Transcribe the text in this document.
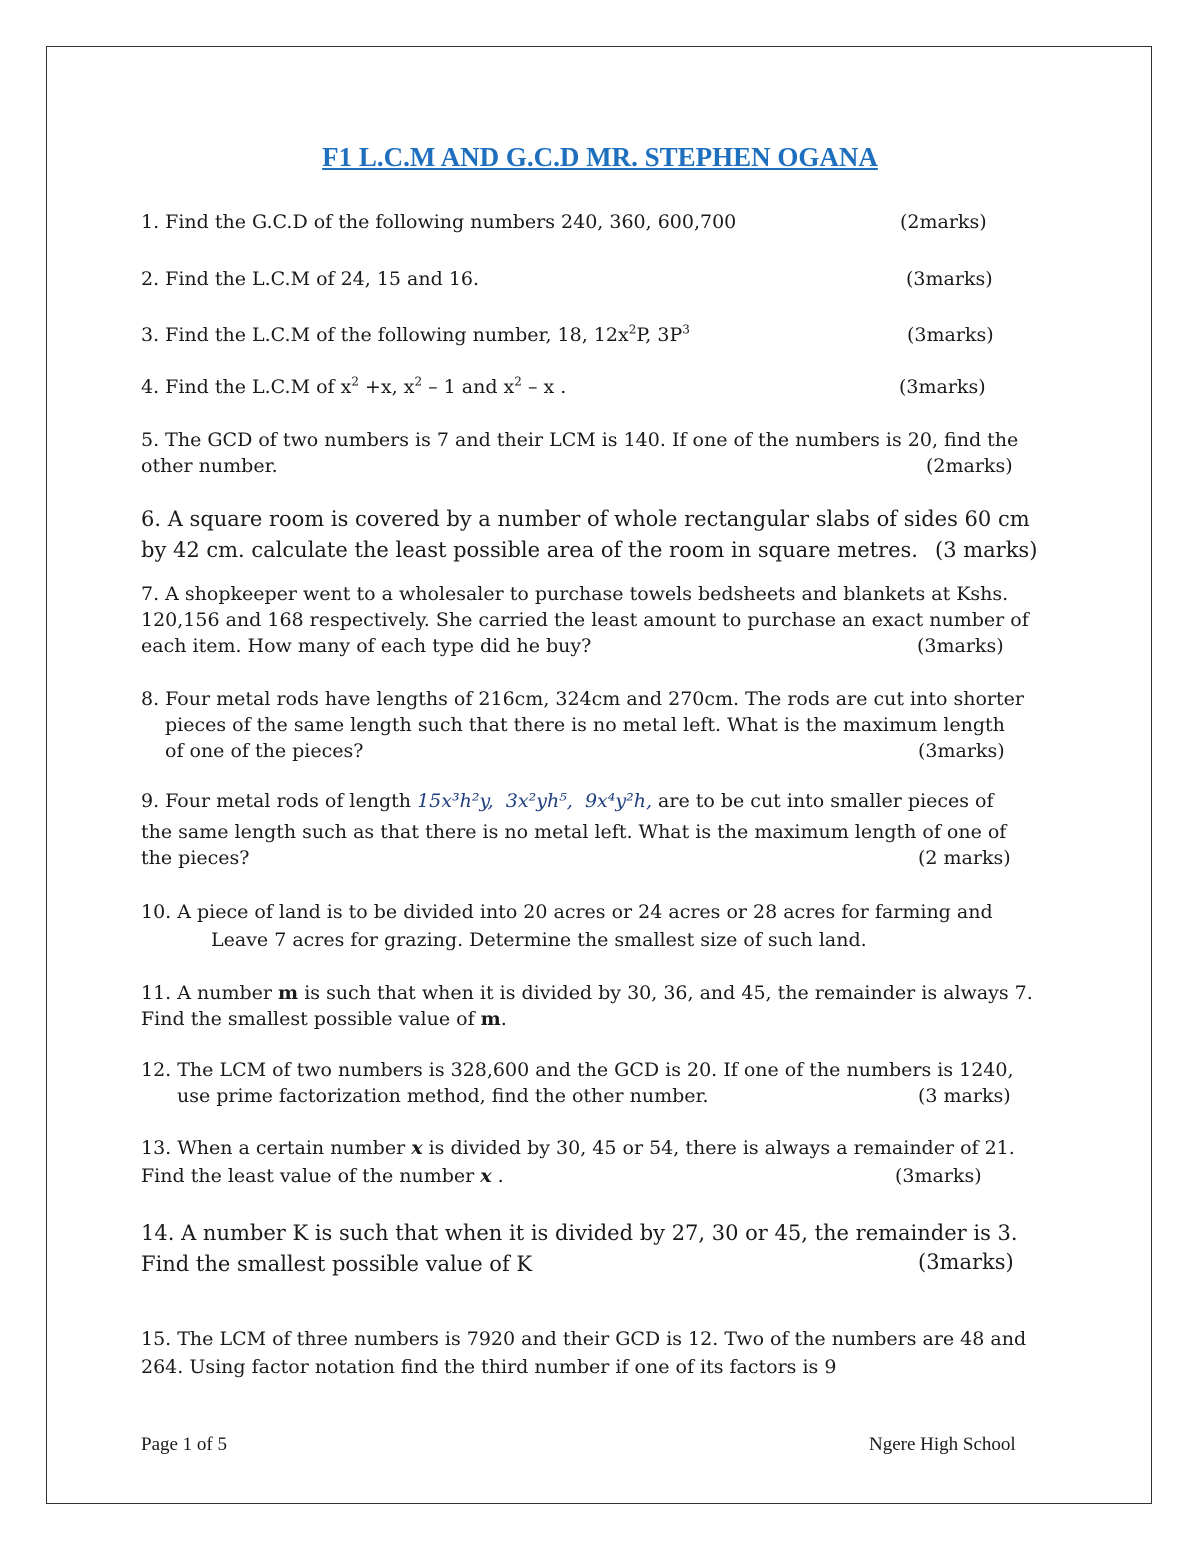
F1 L.C.M AND G.C.D MR. STEPHEN OGANA
1. Find the G.C.D of the following numbers 240, 360, 600,700	(2marks)
2. Find the L.C.M of 24, 15 and 16.	(3marks)
3. Find the L.C.M of the following number, 18, $12x^2P$, $3P^3$	(3marks)
4. Find the L.C.M of $x^2 +x$, $x^2 - 1$ and $x^2$ – x .	(3marks)
5. The GCD of two numbers is 7 and their LCM is 140. If one of the numbers is 20, find the
other number.	(2marks)
6. A square room is covered by a number of whole rectangular slabs of sides 60 cm
by 42 cm. calculate the least possible area of the room in square metres. (3 marks)
7. A shopkeeper went to a wholesaler to purchase towels bedsheets and blankets at Kshs.
120,156 and 168 respectively. She carried the least amount to purchase an exact number of
each item. How many of each type did he buy?	(3marks)
8. Four metal rods have lengths of 216cm, 324cm and 270cm. The rods are cut into shorter
pieces of the same length such that there is no metal left. What is the maximum length
of one of the pieces?	(3marks)
9. Four metal rods of length 15x³h²y, 3x²yh⁵, 9x⁴y²h, are to be cut into smaller pieces of
the same length such as that there is no metal left. What is the maximum length of one of
the pieces?	(2 marks)
10. A piece of land is to be divided into 20 acres or 24 acres or 28 acres for farming and
Leave 7 acres for grazing. Determine the smallest size of such land.
11. A number m is such that when it is divided by 30, 36, and 45, the remainder is always 7.
Find the smallest possible value of m.
12. The LCM of two numbers is 328,600 and the GCD is 20. If one of the numbers is 1240,
use prime factorization method, find the other number.	(3 marks)
13. When a certain number x is divided by 30, 45 or 54, there is always a remainder of 21.
Find the least value of the number x .	(3marks)
14. A number K is such that when it is divided by 27, 30 or 45, the remainder is 3.
Find the smallest possible value of K	(3marks)
15. The LCM of three numbers is 7920 and their GCD is 12. Two of the numbers are 48 and
264. Using factor notation find the third number if one of its factors is 9
Page 1 of 5	Ngere High School
